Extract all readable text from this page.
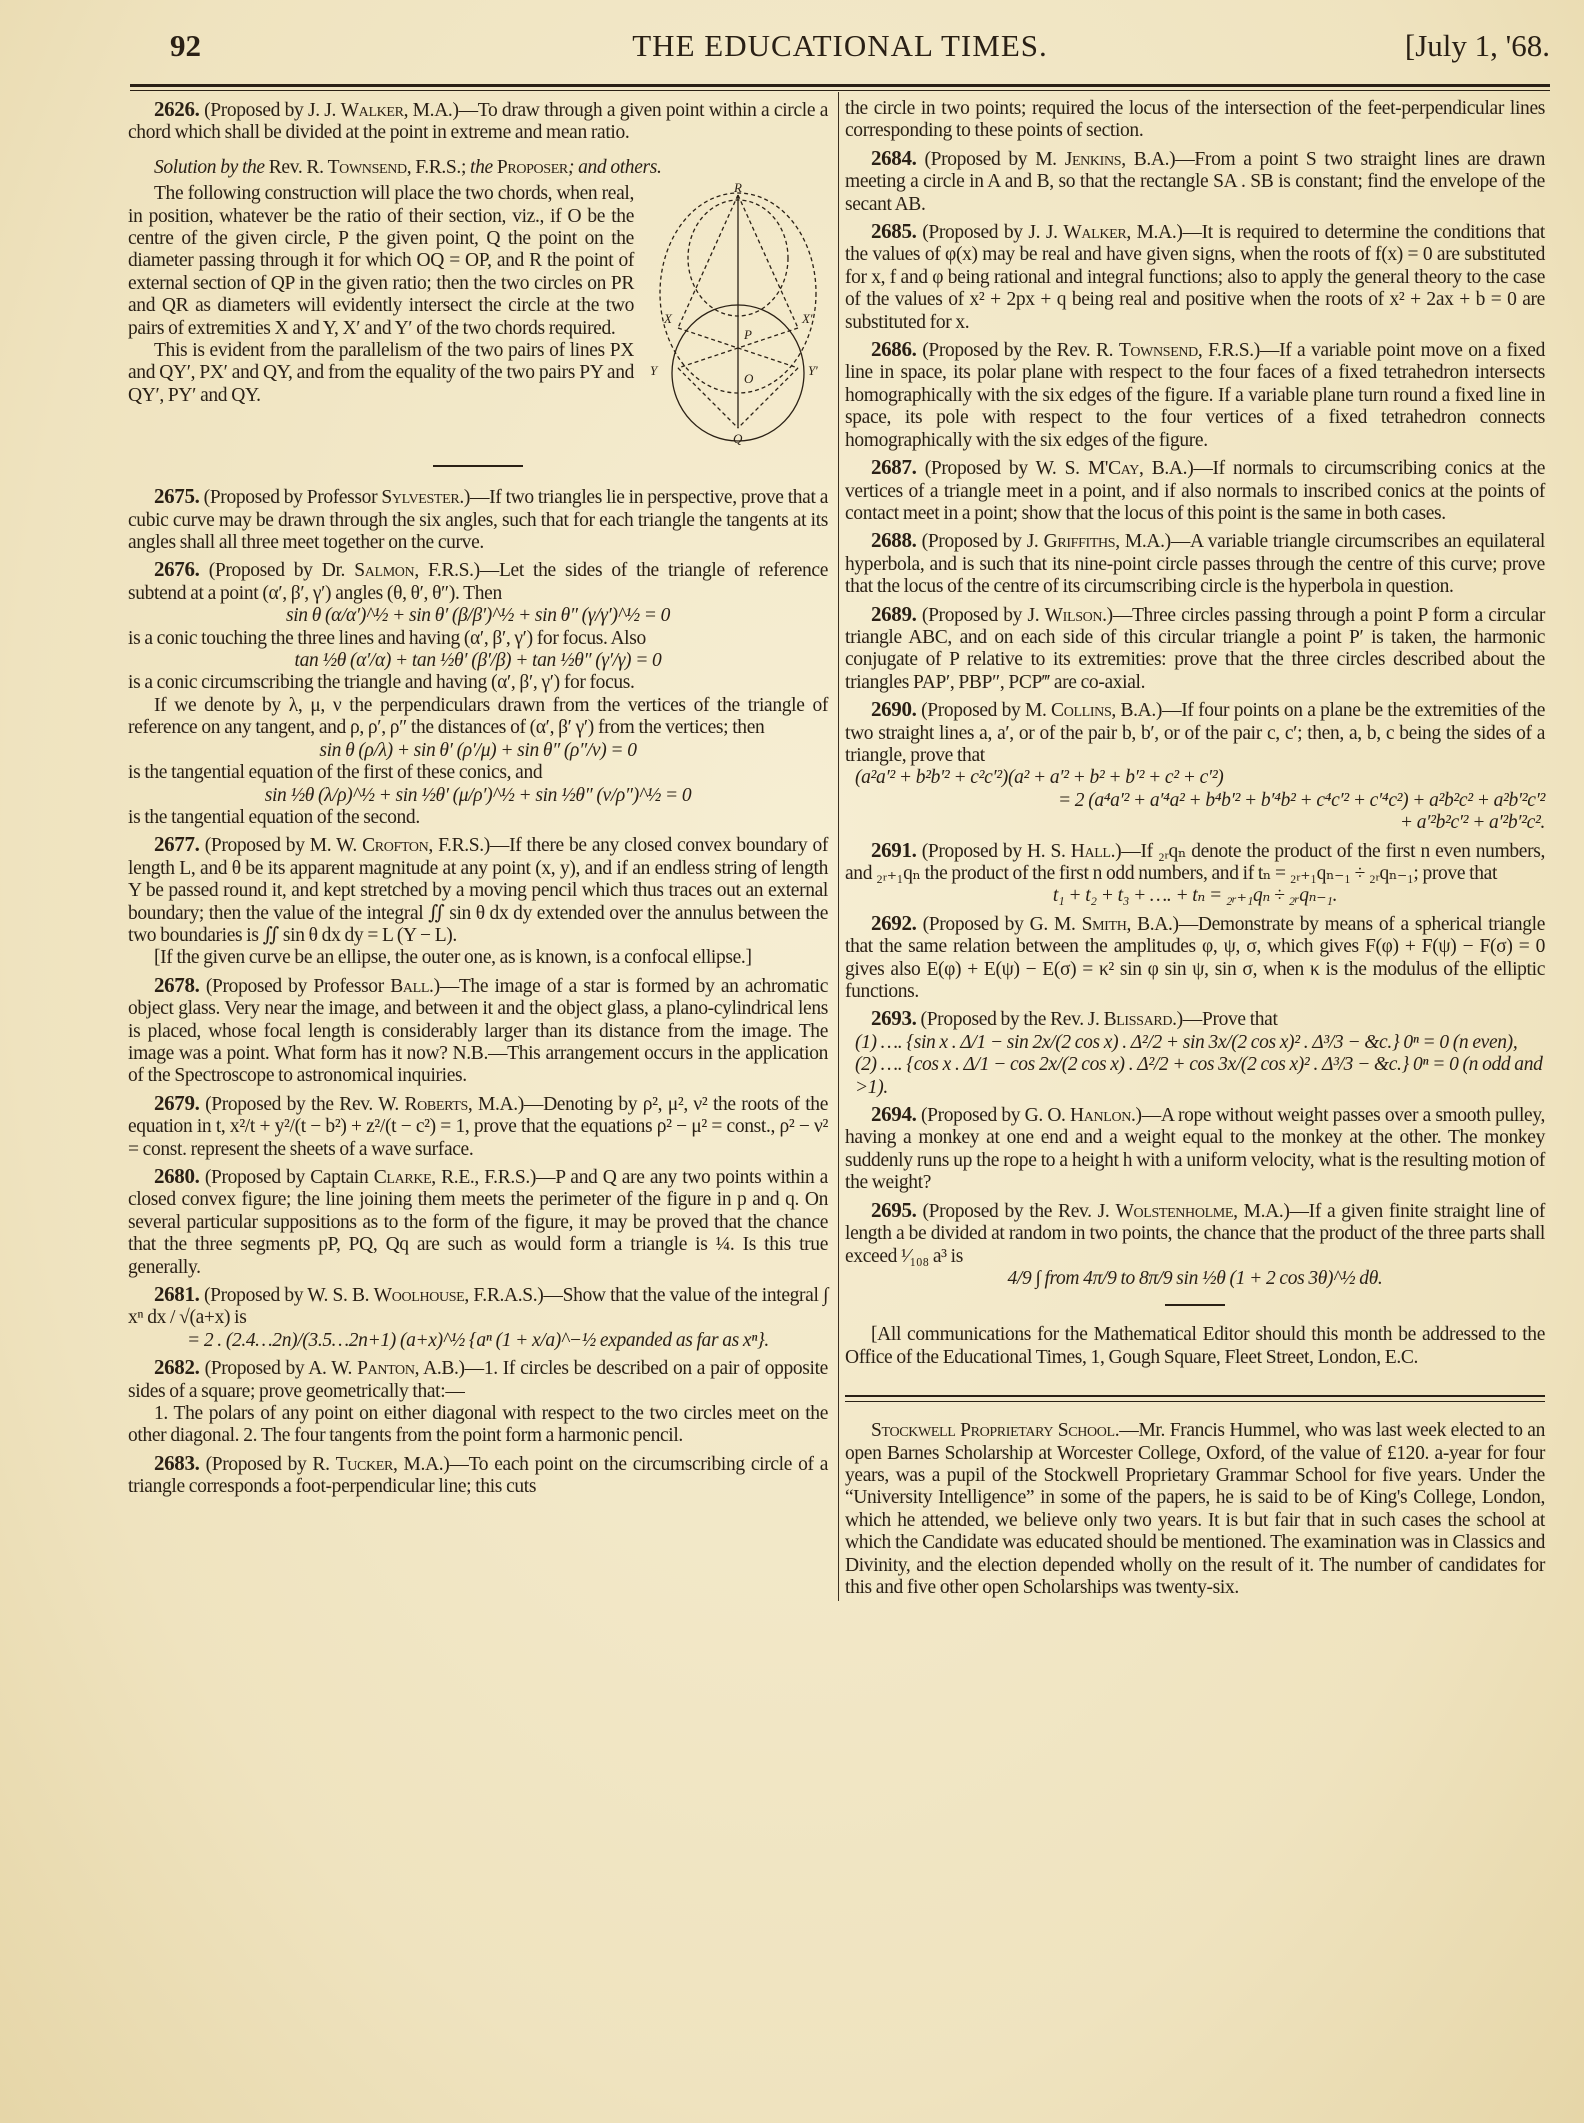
92	THE EDUCATIONAL TIMES.	[July 1, '68.

2626. (Proposed by J. J. Walker, M.A.)—To draw through a given point within a circle a chord which shall be divided at the point in extreme and mean ratio.

Solution by the Rev. R. Townsend, F.R.S.; the Proposer; and others.

R
X	X′
P
Y	Y′
O
Q

The following construction will place the two chords, when real, in position, whatever be the ratio of their section, viz., if O be the centre of the given circle, P the given point, Q the point on the diameter passing through it for which OQ = OP, and R the point of external section of QP in the given ratio; then the two circles on PR and QR as diameters will evidently intersect the circle at the two pairs of extremities X and Y, X′ and Y′ of the two chords required.

This is evident from the parallelism of the two pairs of lines PX and QY′, PX′ and QY, and from the equality of the two pairs PY and QY′, PY′ and QY.

2675. (Proposed by Professor Sylvester.)—If two triangles lie in perspective, prove that a cubic curve may be drawn through the six angles, such that for each triangle the tangents at its angles shall all three meet together on the curve.

2676. (Proposed by Dr. Salmon, F.R.S.)—Let the sides of the triangle of reference subtend at a point (α′, β′, γ′) angles (θ, θ′, θ″). Then

sin θ (α/α′)^½ + sin θ′ (β/β′)^½ + sin θ″ (γ/γ′)^½ = 0

is a conic touching the three lines and having (α′, β′, γ′) for focus. Also

tan ½θ (α′/α) + tan ½θ′ (β′/β) + tan ½θ″ (γ′/γ) = 0

is a conic circumscribing the triangle and having (α′, β′, γ′) for focus.

If we denote by λ, μ, ν the perpendiculars drawn from the vertices of the triangle of reference on any tangent, and ρ, ρ′, ρ″ the distances of (α′, β′ γ′) from the vertices; then

sin θ (ρ/λ) + sin θ′ (ρ′/μ) + sin θ″ (ρ″/ν) = 0

is the tangential equation of the first of these conics, and

sin ½θ (λ/ρ)^½ + sin ½θ′ (μ/ρ′)^½ + sin ½θ″ (ν/ρ″)^½ = 0

is the tangential equation of the second.

2677. (Proposed by M. W. Crofton, F.R.S.)—If there be any closed convex boundary of length L, and θ be its apparent magnitude at any point (x, y), and if an endless string of length Y be passed round it, and kept stretched by a moving pencil which thus traces out an external boundary; then the value of the integral ∬ sin θ dx dy extended over the annulus between the two boundaries is ∬ sin θ dx dy = L (Y − L).

[If the given curve be an ellipse, the outer one, as is known, is a confocal ellipse.]

2678. (Proposed by Professor Ball.)—The image of a star is formed by an achromatic object glass. Very near the image, and between it and the object glass, a plano-cylindrical lens is placed, whose focal length is considerably larger than its distance from the image. The image was a point. What form has it now? N.B.—This arrangement occurs in the application of the Spectroscope to astronomical inquiries.

2679. (Proposed by the Rev. W. Roberts, M.A.)—Denoting by ρ², μ², ν² the roots of the equation in t, x²/t + y²/(t − b²) + z²/(t − c²) = 1, prove that the equations ρ² − μ² = const., ρ² − ν² = const. represent the sheets of a wave surface.

2680. (Proposed by Captain Clarke, R.E., F.R.S.)—P and Q are any two points within a closed convex figure; the line joining them meets the perimeter of the figure in p and q. On several particular suppositions as to the form of the figure, it may be proved that the chance that the three segments pP, PQ, Qq are such as would form a triangle is ¼. Is this true generally.

2681. (Proposed by W. S. B. Woolhouse, F.R.A.S.)—Show that the value of the integral ∫ xⁿ dx / √(a+x) is

= 2 . (2.4…2n)/(3.5…2n+1) (a+x)^½ {aⁿ (1 + x/a)^−½ expanded as far as xⁿ}.

2682. (Proposed by A. W. Panton, A.B.)—1. If circles be described on a pair of opposite sides of a square; prove geometrically that:—

1. The polars of any point on either diagonal with respect to the two circles meet on the other diagonal. 2. The four tangents from the point form a harmonic pencil.

2683. (Proposed by R. Tucker, M.A.)—To each point on the circumscribing circle of a triangle corresponds a foot-perpendicular line; this cuts

the circle in two points; required the locus of the intersection of the feet-perpendicular lines corresponding to these points of section.

2684. (Proposed by M. Jenkins, B.A.)—From a point S two straight lines are drawn meeting a circle in A and B, so that the rectangle SA . SB is constant; find the envelope of the secant AB.

2685. (Proposed by J. J. Walker, M.A.)—It is required to determine the conditions that the values of φ(x) may be real and have given signs, when the roots of f(x) = 0 are substituted for x, f and φ being rational and integral functions; also to apply the general theory to the case of the values of x² + 2px + q being real and positive when the roots of x² + 2ax + b = 0 are substituted for x.

2686. (Proposed by the Rev. R. Townsend, F.R.S.)—If a variable point move on a fixed line in space, its polar plane with respect to the four faces of a fixed tetrahedron intersects homographically with the six edges of the figure. If a variable plane turn round a fixed line in space, its pole with respect to the four vertices of a fixed tetrahedron connects homographically with the six edges of the figure.

2687. (Proposed by W. S. M'Cay, B.A.)—If normals to circumscribing conics at the vertices of a triangle meet in a point, and if also normals to inscribed conics at the points of contact meet in a point; show that the locus of this point is the same in both cases.

2688. (Proposed by J. Griffiths, M.A.)—A variable triangle circumscribes an equilateral hyperbola, and is such that its nine-point circle passes through the centre of this curve; prove that the locus of the centre of its circumscribing circle is the hyperbola in question.

2689. (Proposed by J. Wilson.)—Three circles passing through a point P form a circular triangle ABC, and on each side of this circular triangle a point P′ is taken, the harmonic conjugate of P relative to its extremities: prove that the three circles described about the triangles PAP′, PBP″, PCP‴ are co-axial.

2690. (Proposed by M. Collins, B.A.)—If four points on a plane be the extremities of the two straight lines a, a′, or of the pair b, b′, or of the pair c, c′; then, a, b, c being the sides of a triangle, prove that

(a²a′² + b²b′² + c²c′²)(a² + a′² + b² + b′² + c² + c′²)

= 2 (a⁴a′² + a′⁴a² + b⁴b′² + b′⁴b² + c⁴c′² + c′⁴c²) + a²b²c² + a²b′²c′²

+ a′²b²c′² + a′²b′²c².

2691. (Proposed by H. S. Hall.)—If ₂ᵣqₙ denote the product of the first n even numbers, and ₂ᵣ₊₁qₙ the product of the first n odd numbers, and if tₙ = ₂ᵣ₊₁qₙ₋₁ ÷ ₂ᵣqₙ₋₁; prove that

t₁ + t₂ + t₃ + …. + tₙ = ₂ᵣ₊₁qₙ ÷ ₂ᵣqₙ₋₁.

2692. (Proposed by G. M. Smith, B.A.)—Demonstrate by means of a spherical triangle that the same relation between the amplitudes φ, ψ, σ, which gives F(φ) + F(ψ) − F(σ) = 0 gives also E(φ) + E(ψ) − E(σ) = κ² sin φ sin ψ, sin σ, when κ is the modulus of the elliptic functions.

2693. (Proposed by the Rev. J. Blissard.)—Prove that

(1) …. {sin x . Δ/1 − sin 2x/(2 cos x) . Δ²/2 + sin 3x/(2 cos x)² . Δ³/3 − &c.} 0ⁿ = 0 (n even),

(2) …. {cos x . Δ/1 − cos 2x/(2 cos x) . Δ²/2 + cos 3x/(2 cos x)² . Δ³/3 − &c.} 0ⁿ = 0 (n odd and >1).

2694. (Proposed by G. O. Hanlon.)—A rope without weight passes over a smooth pulley, having a monkey at one end and a weight equal to the monkey at the other. The monkey suddenly runs up the rope to a height h with a uniform velocity, what is the resulting motion of the weight?

2695. (Proposed by the Rev. J. Wolstenholme, M.A.)—If a given finite straight line of length a be divided at random in two points, the chance that the product of the three parts shall exceed ¹⁄₁₀₈ a³ is

4/9 ∫ from 4π/9 to 8π/9 sin ½θ (1 + 2 cos 3θ)^½ dθ.

[All communications for the Mathematical Editor should this month be addressed to the Office of the Educational Times, 1, Gough Square, Fleet Street, London, E.C.

Stockwell Proprietary School.—Mr. Francis Hummel, who was last week elected to an open Barnes Scholarship at Worcester College, Oxford, of the value of £120. a-year for four years, was a pupil of the Stockwell Proprietary Grammar School for five years. Under the “University Intelligence” in some of the papers, he is said to be of King's College, London, which he attended, we believe only two years. It is but fair that in such cases the school at which the Candidate was educated should be mentioned. The examination was in Classics and Divinity, and the election depended wholly on the result of it. The number of candidates for this and five other open Scholarships was twenty-six.
